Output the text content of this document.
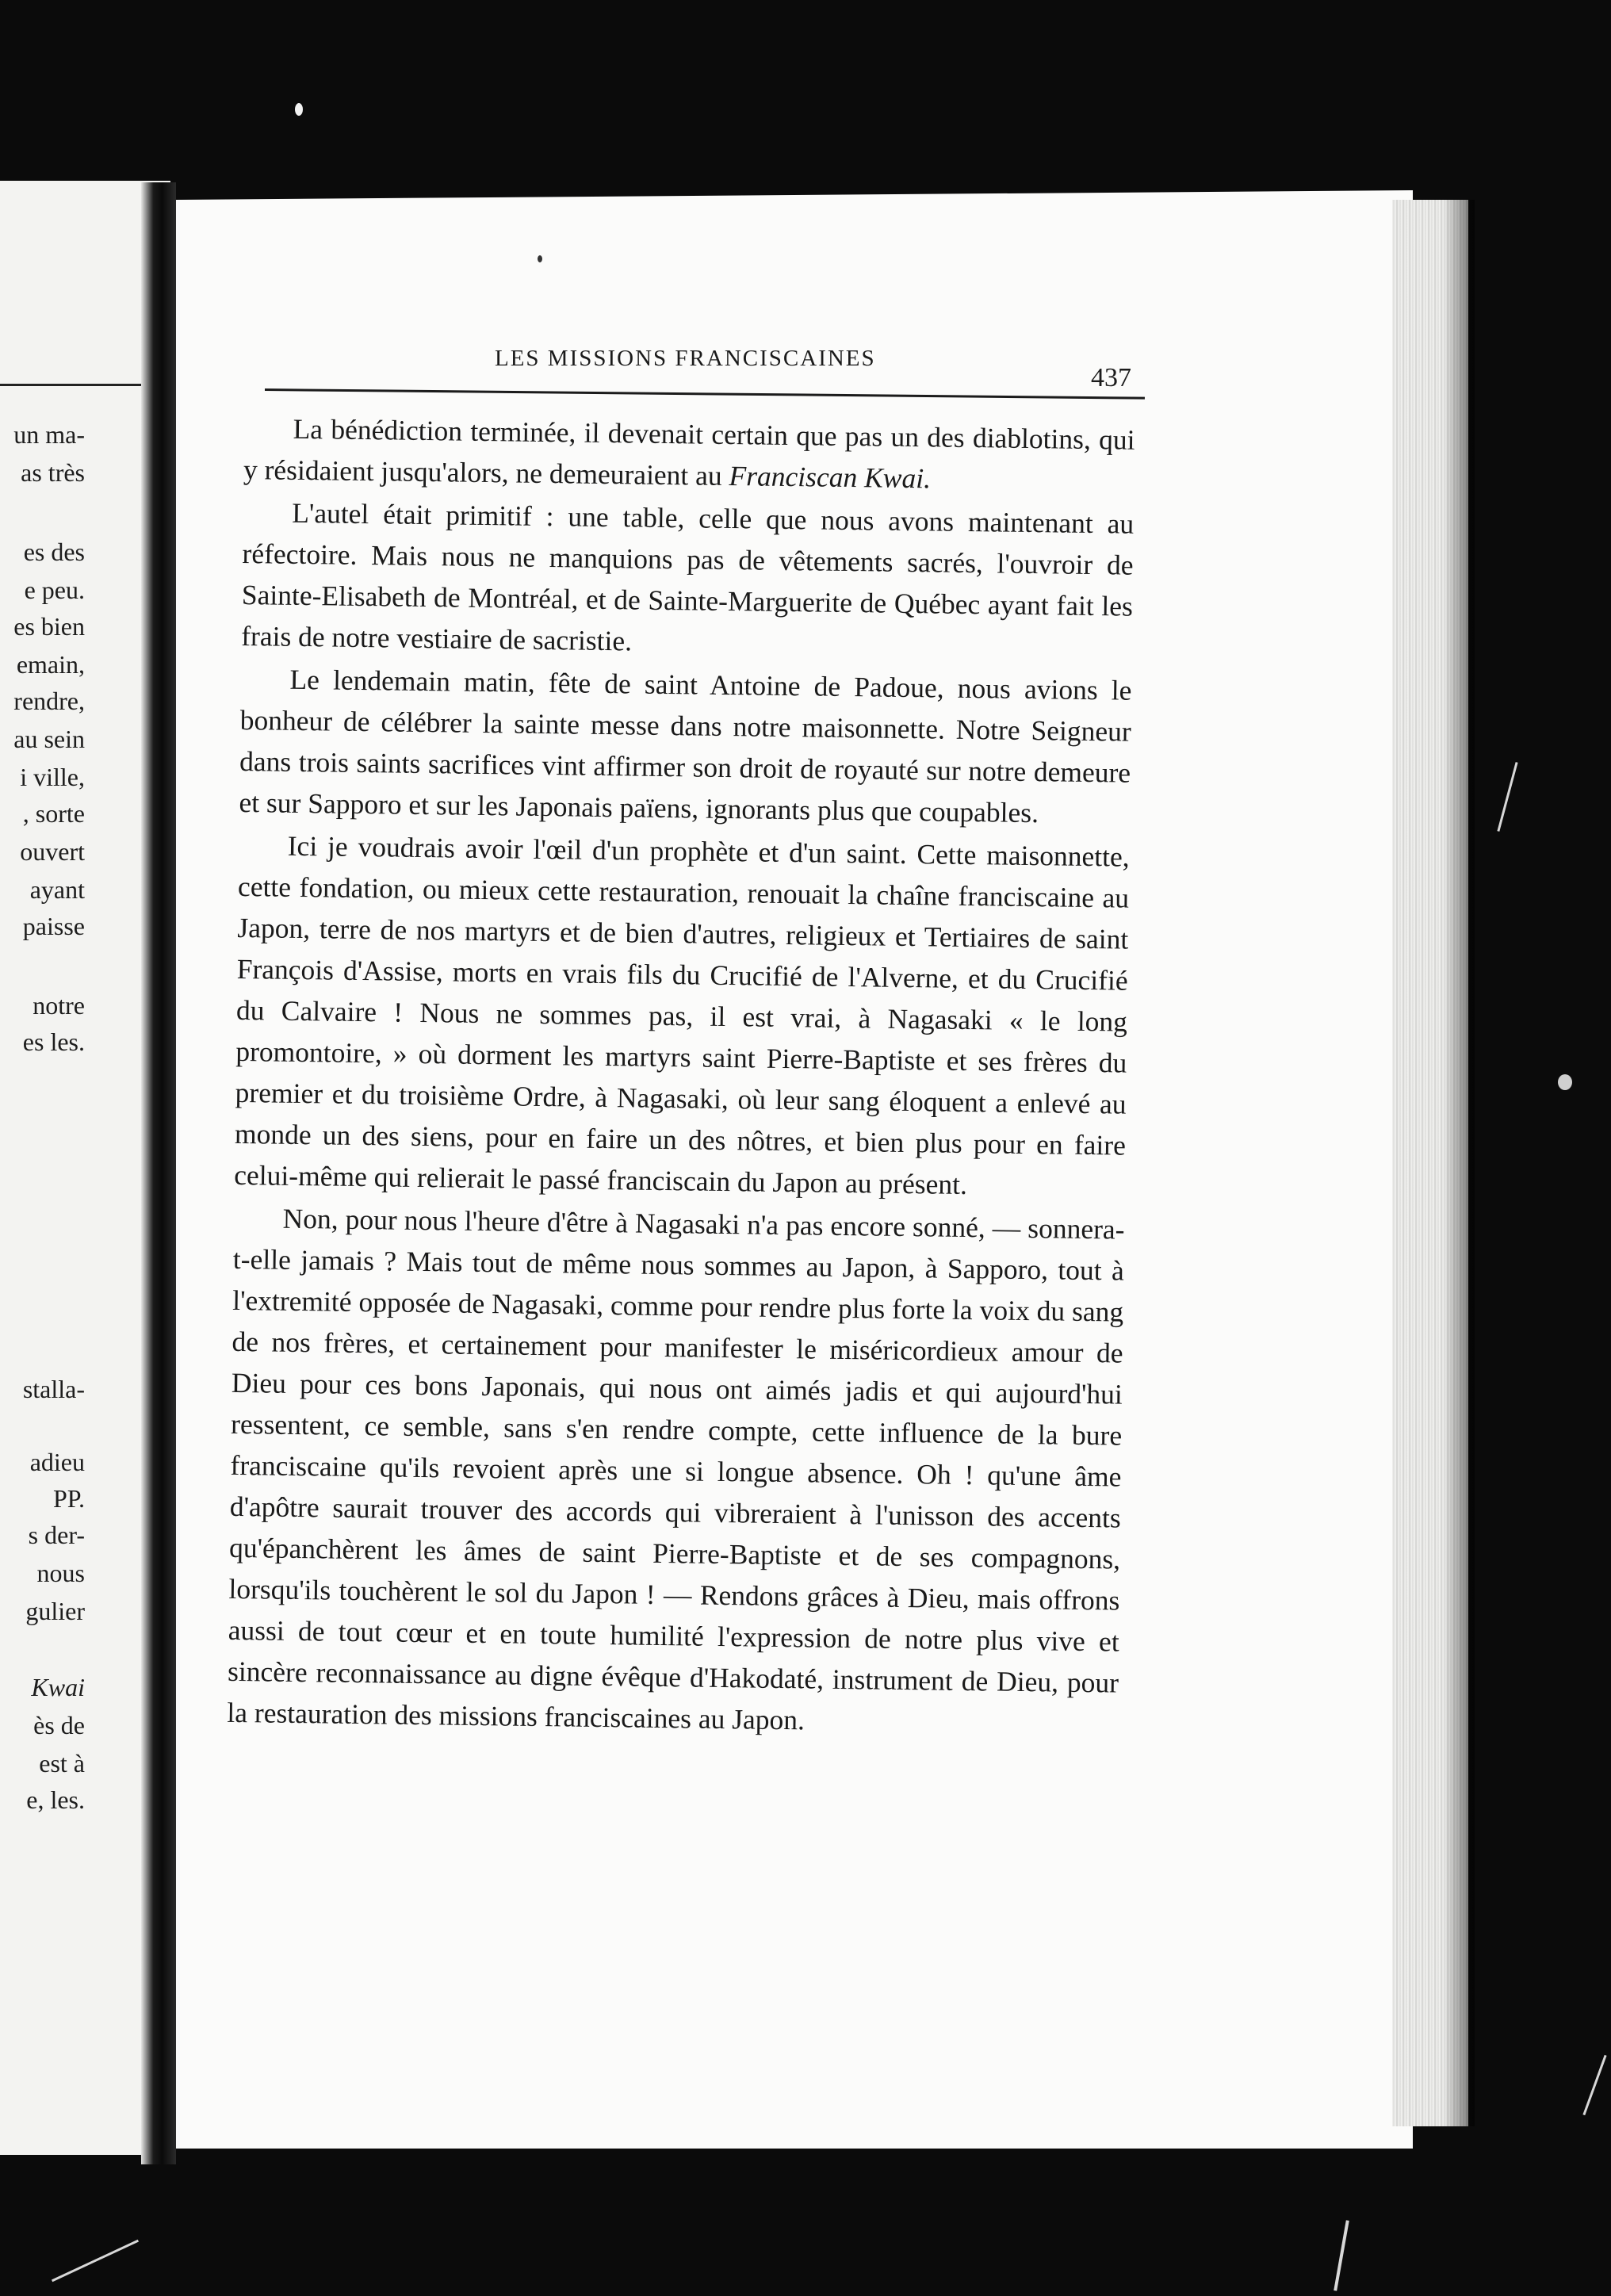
un ma-
as très
es des
e peu.
es bien
emain,
rendre,
au sein
i ville,
, sorte
ouvert
ayant
paisse
notre
es les.
stalla-
adieu
PP.
s der-
nous
gulier
Kwai
ès de
est à
e, les.
LES MISSIONS FRANCISCAINES
437

La bénédiction terminée, il devenait certain que pas un des diablotins, qui y résidaient jusqu'alors, ne demeuraient au Franciscan Kwai.

L'autel était primitif : une table, celle que nous avons maintenant au réfectoire. Mais nous ne manquions pas de vêtements sacrés, l'ouvroir de Sainte-Elisabeth de Montréal, et de Sainte-Marguerite de Québec ayant fait les frais de notre vestiaire de sacristie.

Le lendemain matin, fête de saint Antoine de Padoue, nous avions le bonheur de célébrer la sainte messe dans notre maisonnette. Notre Seigneur dans trois saints sacrifices vint affirmer son droit de royauté sur notre demeure et sur Sapporo et sur les Japonais païens, ignorants plus que coupables.

Ici je voudrais avoir l'œil d'un prophète et d'un saint. Cette maisonnette, cette fondation, ou mieux cette restauration, renouait la chaîne franciscaine au Japon, terre de nos martyrs et de bien d'autres, religieux et Tertiaires de saint François d'Assise, morts en vrais fils du Crucifié de l'Alverne, et du Crucifié du Calvaire ! Nous ne sommes pas, il est vrai, à Nagasaki « le long promontoire, » où dorment les martyrs saint Pierre-Baptiste et ses frères du premier et du troisième Ordre, à Nagasaki, où leur sang éloquent a enlevé au monde un des siens, pour en faire un des nôtres, et bien plus pour en faire celui-même qui relierait le passé franciscain du Japon au présent.

Non, pour nous l'heure d'être à Nagasaki n'a pas encore sonné, — sonnera-t-elle jamais ? Mais tout de même nous sommes au Japon, à Sapporo, tout à l'extremité opposée de Nagasaki, comme pour rendre plus forte la voix du sang de nos frères, et certainement pour manifester le miséricordieux amour de Dieu pour ces bons Japonais, qui nous ont aimés jadis et qui aujourd'hui ressentent, ce semble, sans s'en rendre compte, cette influence de la bure franciscaine qu'ils revoient après une si longue absence. Oh ! qu'une âme d'apôtre saurait trouver des accords qui vibreraient à l'unisson des accents qu'épanchèrent les âmes de saint Pierre-Baptiste et de ses compagnons, lorsqu'ils touchèrent le sol du Japon ! — Rendons grâces à Dieu, mais offrons aussi de tout cœur et en toute humilité l'expression de notre plus vive et sincère reconnaissance au digne évêque d'Hakodaté, instrument de Dieu, pour la restauration des missions franciscaines au Japon.
